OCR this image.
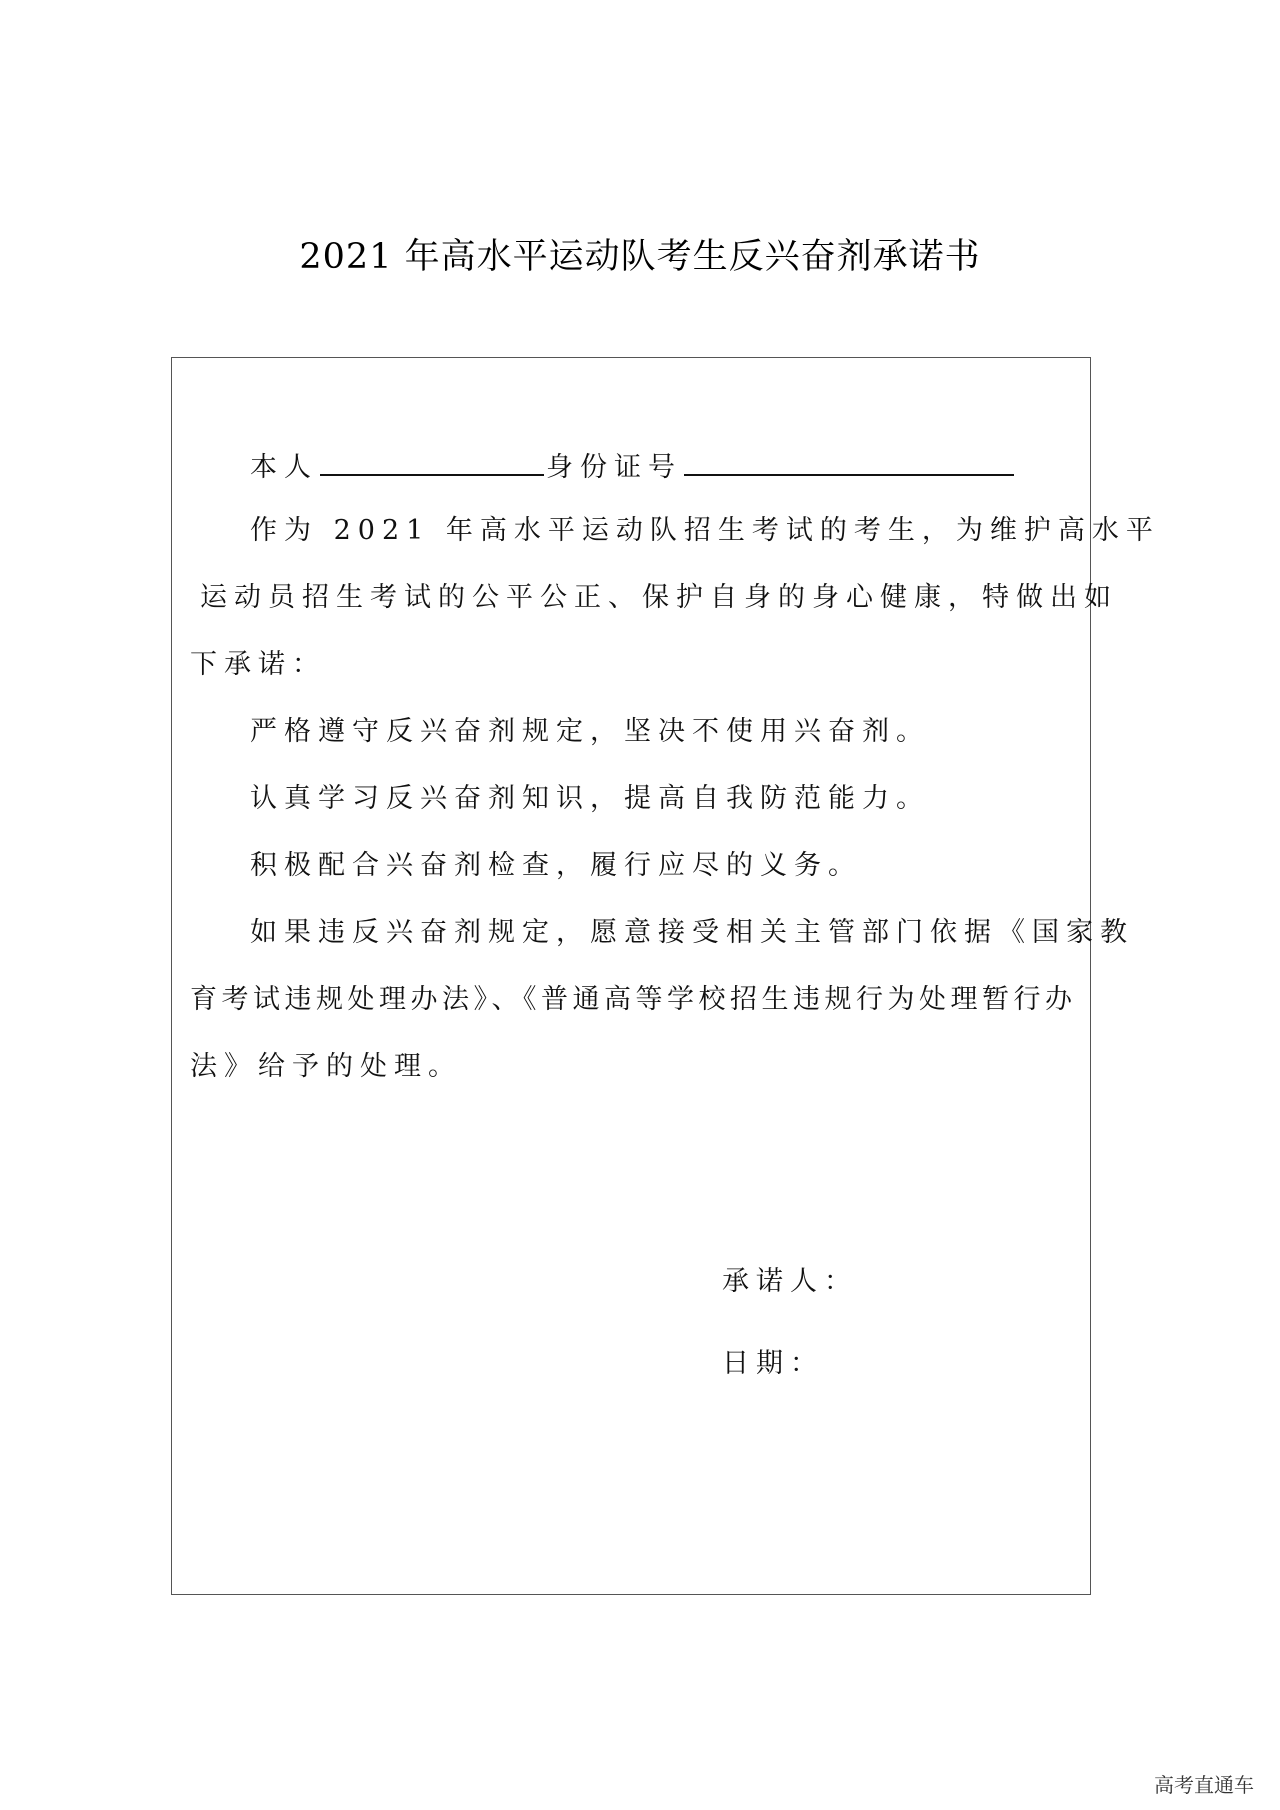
2021 年高水平运动队考生反兴奋剂承诺书
本人	身份证号
作为 2021 年高水平运动队招生考试的考生，为维护高水平
运动员招生考试的公平公正、保护自身的身心健康，特做出如
下承诺：
严格遵守反兴奋剂规定，坚决不使用兴奋剂。
认真学习反兴奋剂知识，提高自我防范能力。
积极配合兴奋剂检查，履行应尽的义务。
如果违反兴奋剂规定，愿意接受相关主管部门依据《国家教
育考试违规处理办法》、《普通高等学校招生违规行为处理暂行办
法》给予的处理。
承诺人：
日期：
高考直通车
